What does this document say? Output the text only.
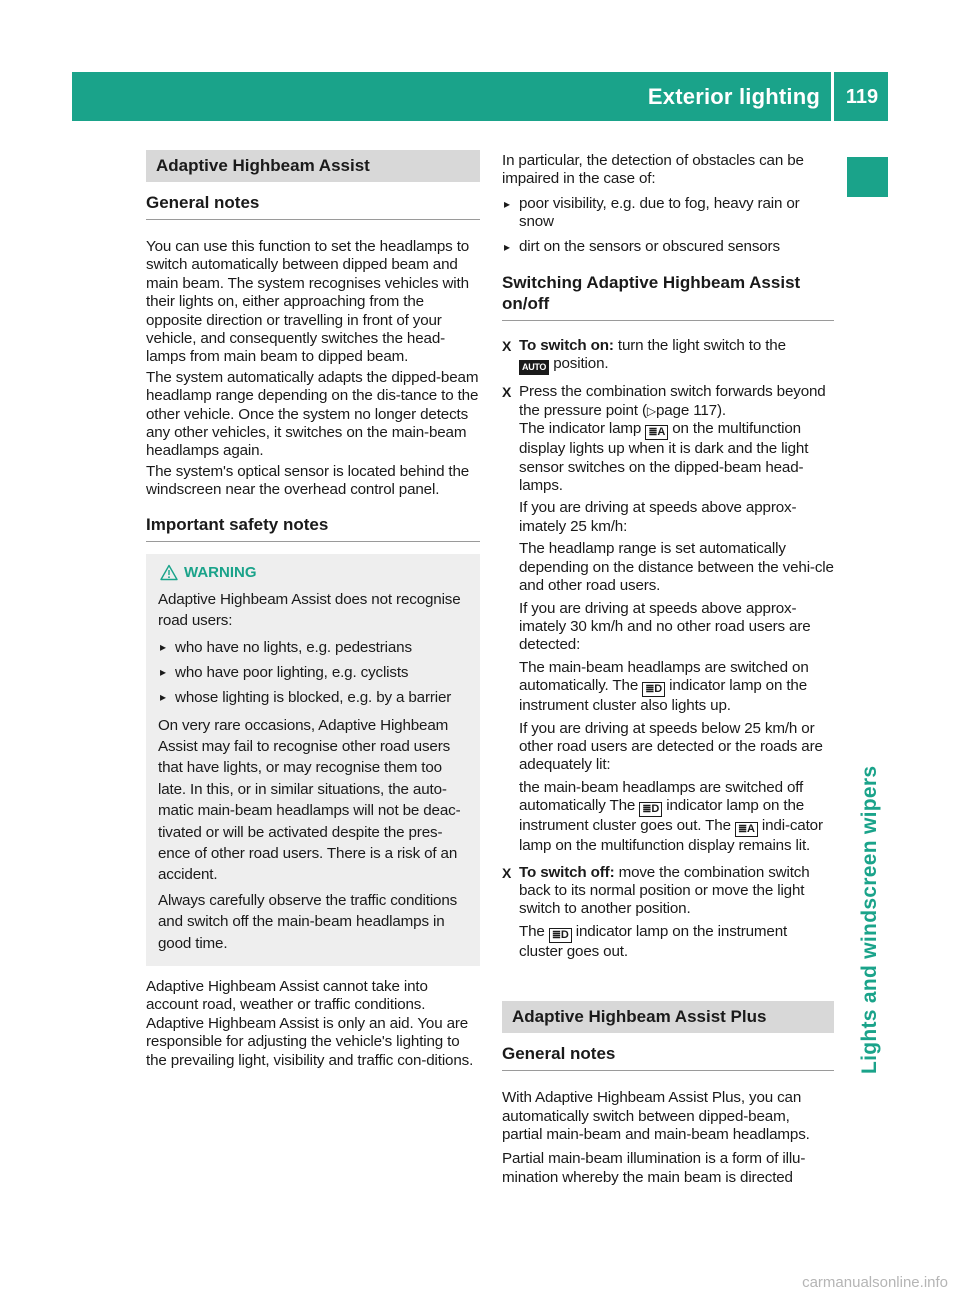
Exterior lighting 119
Lights and windscreen wipers
Adaptive Highbeam Assist
General notes

You can use this function to set the headlamps to switch automatically between dipped beam and main beam. The system recognises vehicles with their lights on, either approaching from the opposite direction or travelling in front of your vehicle, and consequently switches the head-lamps from main beam to dipped beam.

The system automatically adapts the dipped-beam headlamp range depending on the dis-tance to the other vehicle. Once the system no longer detects any other vehicles, it switches on the main-beam headlamps again.

The system's optical sensor is located behind the windscreen near the overhead control panel.

Important safety notes
WARNING

Adaptive Highbeam Assist does not recognise road users:

▸ who have no lights, e.g. pedestrians
▸ who have poor lighting, e.g. cyclists
▸ whose lighting is blocked, e.g. by a barrier

On very rare occasions, Adaptive Highbeam Assist may fail to recognise other road users that have lights, or may recognise them too late. In this, or in similar situations, the auto-matic main-beam headlamps will not be deac-tivated or will be activated despite the pres-ence of other road users. There is a risk of an accident.

Always carefully observe the traffic conditions and switch off the main-beam headlamps in good time.

Adaptive Highbeam Assist cannot take into account road, weather or traffic conditions. Adaptive Highbeam Assist is only an aid. You are responsible for adjusting the vehicle's lighting to the prevailing light, visibility and traffic con-ditions.

In particular, the detection of obstacles can be impaired in the case of:

▸ poor visibility, e.g. due to fog, heavy rain or snow
▸ dirt on the sensors or obscured sensors
Switching Adaptive Highbeam Assist on/off
X To switch on: turn the light switch to the
AUTO position.
X Press the combination switch forwards beyond the pressure point (▷page 117).
The indicator lamp ≣A on the multifunction display lights up when it is dark and the light sensor switches on the dipped-beam head-lamps.

If you are driving at speeds above approx-imately 25 km/h:

The headlamp range is set automatically depending on the distance between the vehi-cle and other road users.

If you are driving at speeds above approx-imately 30 km/h and no other road users are detected:

The main-beam headlamps are switched on automatically. The ≣D indicator lamp on the instrument cluster also lights up.

If you are driving at speeds below 25 km/h or other road users are detected or the roads are adequately lit:

the main-beam headlamps are switched off automatically The ≣D indicator lamp on the instrument cluster goes out. The ≣A indi-cator lamp on the multifunction display remains lit.

X To switch off: move the combination switch back to its normal position or move the light switch to another position.

The ≣D indicator lamp on the instrument cluster goes out.

Adaptive Highbeam Assist Plus
General notes

With Adaptive Highbeam Assist Plus, you can automatically switch between dipped-beam, partial main-beam and main-beam headlamps.

Partial main-beam illumination is a form of illu-mination whereby the main beam is directed

carmanualsonline.info
